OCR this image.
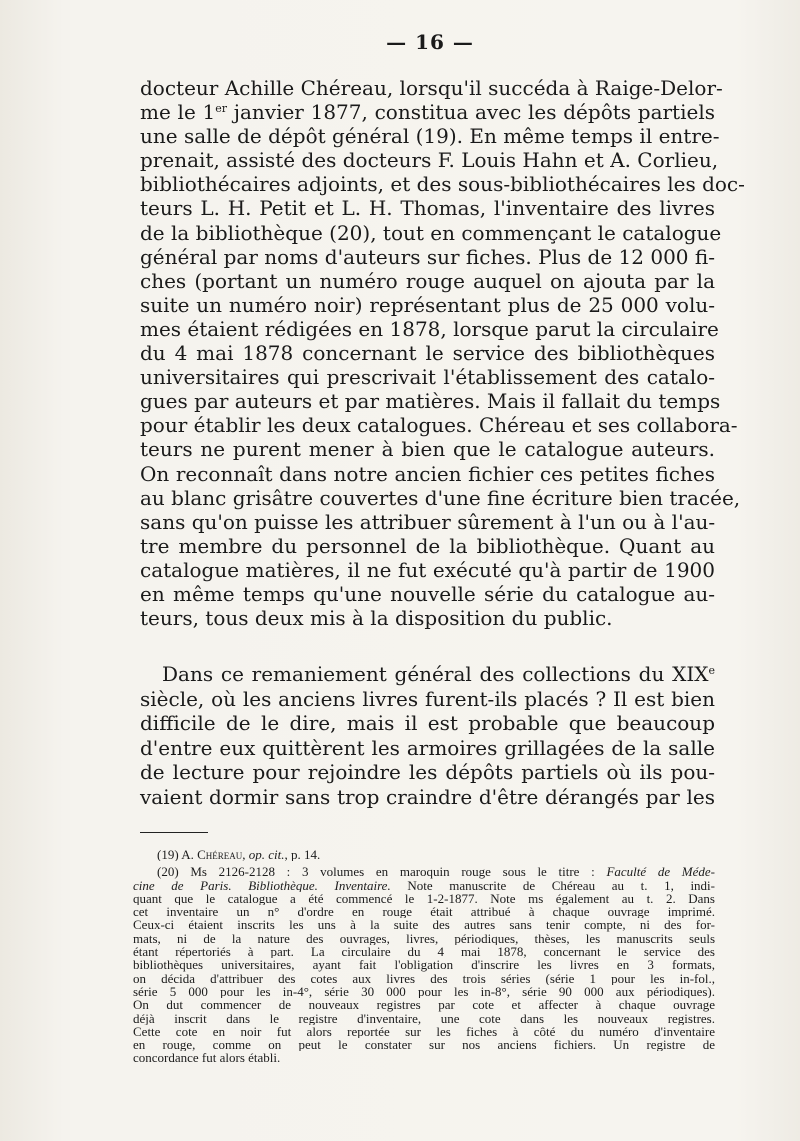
— 16 —
docteur Achille Chéreau, lorsqu'il succéda à Raige-Delor-
me le 1er janvier 1877, constitua avec les dépôts partiels
une salle de dépôt général (19). En même temps il entre-
prenait, assisté des docteurs F. Louis Hahn et A. Corlieu,
bibliothécaires adjoints, et des sous-bibliothécaires les doc-
teurs L. H. Petit et L. H. Thomas, l'inventaire des livres
de la bibliothèque (20), tout en commençant le catalogue
général par noms d'auteurs sur fiches. Plus de 12 000 fi-
ches (portant un numéro rouge auquel on ajouta par la
suite un numéro noir) représentant plus de 25 000 volu-
mes étaient rédigées en 1878, lorsque parut la circulaire
du 4 mai 1878 concernant le service des bibliothèques
universitaires qui prescrivait l'établissement des catalo-
gues par auteurs et par matières. Mais il fallait du temps
pour établir les deux catalogues. Chéreau et ses collabora-
teurs ne purent mener à bien que le catalogue auteurs.
On reconnaît dans notre ancien fichier ces petites fiches
au blanc grisâtre couvertes d'une fine écriture bien tracée,
sans qu'on puisse les attribuer sûrement à l'un ou à l'au-
tre membre du personnel de la bibliothèque. Quant au
catalogue matières, il ne fut exécuté qu'à partir de 1900
en même temps qu'une nouvelle série du catalogue au-
teurs, tous deux mis à la disposition du public.
Dans ce remaniement général des collections du XIXe
siècle, où les anciens livres furent-ils placés ? Il est bien
difficile de le dire, mais il est probable que beaucoup
d'entre eux quittèrent les armoires grillagées de la salle
de lecture pour rejoindre les dépôts partiels où ils pou-
vaient dormir sans trop craindre d'être dérangés par les
(19) A. Chéreau, op. cit., p. 14.
(20) Ms 2126-2128 : 3 volumes en maroquin rouge sous le titre : Faculté de Méde-
cine de Paris. Bibliothèque. Inventaire. Note manuscrite de Chéreau au t. 1, indi-
quant que le catalogue a été commencé le 1-2-1877. Note ms également au t. 2. Dans
cet inventaire un n° d'ordre en rouge était attribué à chaque ouvrage imprimé.
Ceux-ci étaient inscrits les uns à la suite des autres sans tenir compte, ni des for-
mats, ni de la nature des ouvrages, livres, périodiques, thèses, les manuscrits seuls
étant répertoriés à part. La circulaire du 4 mai 1878, concernant le service des
bibliothèques universitaires, ayant fait l'obligation d'inscrire les livres en 3 formats,
on décida d'attribuer des cotes aux livres des trois séries (série 1 pour les in-fol.,
série 5 000 pour les in-4°, série 30 000 pour les in-8°, série 90 000 aux périodiques).
On dut commencer de nouveaux registres par cote et affecter à chaque ouvrage
déjà inscrit dans le registre d'inventaire, une cote dans les nouveaux registres.
Cette cote en noir fut alors reportée sur les fiches à côté du numéro d'inventaire
en rouge, comme on peut le constater sur nos anciens fichiers. Un registre de
concordance fut alors établi.
